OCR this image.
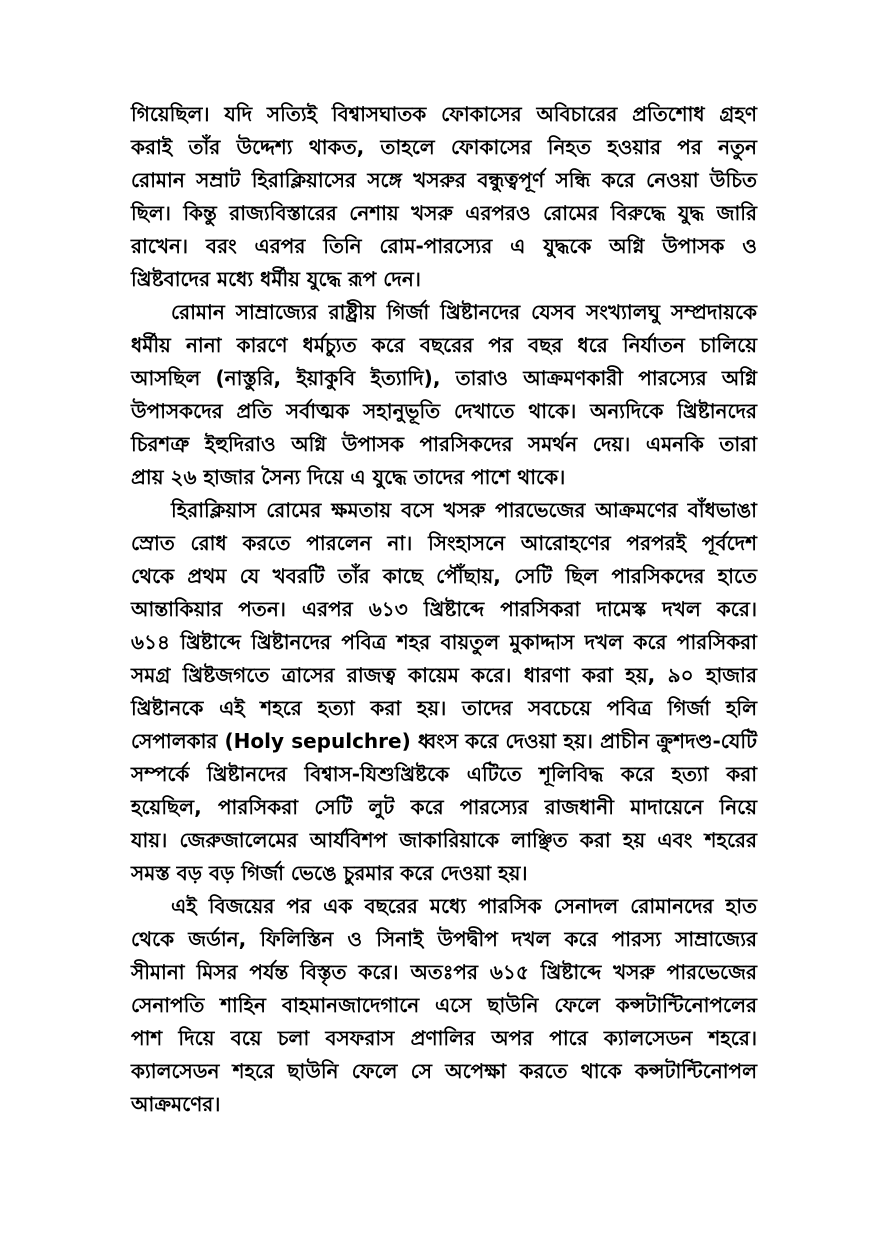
গিয়েছিল। যদি সত্যিই বিশ্বাসঘাতক ফোকাসের অবিচারের প্রতিশোধ গ্রহণ
করাই তাঁর উদ্দেশ্য থাকত, তাহলে ফোকাসের নিহত হওয়ার পর নতুন
রোমান সম্রাট হিরাক্লিয়াসের সঙ্গে খসরুর বন্ধুত্বপূর্ণ সন্ধি করে নেওয়া উচিত
ছিল। কিন্তু রাজ্যবিস্তারের নেশায় খসরু এরপরও রোমের বিরুদ্ধে যুদ্ধ জারি
রাখেন। বরং এরপর তিনি রোম-পারস্যের এ যুদ্ধকে অগ্নি উপাসক ও
খ্রিষ্টবাদের মধ্যে ধর্মীয় যুদ্ধে রূপ দেন।
রোমান সাম্রাজ্যের রাষ্ট্রীয় গির্জা খ্রিষ্টানদের যেসব সংখ্যালঘু সম্প্রদায়কে
ধর্মীয় নানা কারণে ধর্মচ্যুত করে বছরের পর বছর ধরে নির্যাতন চালিয়ে
আসছিল (নাস্তুরি, ইয়াকুবি ইত্যাদি), তারাও আক্রমণকারী পারস্যের অগ্নি
উপাসকদের প্রতি সর্বাত্মক সহানুভূতি দেখাতে থাকে। অন্যদিকে খ্রিষ্টানদের
চিরশত্রু ইহুদিরাও অগ্নি উপাসক পারসিকদের সমর্থন দেয়। এমনকি তারা
প্রায় ২৬ হাজার সৈন্য দিয়ে এ যুদ্ধে তাদের পাশে থাকে।
হিরাক্লিয়াস রোমের ক্ষমতায় বসে খসরু পারভেজের আক্রমণের বাঁধভাঙা
স্রোত রোধ করতে পারলেন না। সিংহাসনে আরোহণের পরপরই পূর্বদেশ
থেকে প্রথম যে খবরটি তাঁর কাছে পৌঁছায়, সেটি ছিল পারসিকদের হাতে
আন্তাকিয়ার পতন। এরপর ৬১৩ খ্রিষ্টাব্দে পারসিকরা দামেস্ক দখল করে।
৬১৪ খ্রিষ্টাব্দে খ্রিষ্টানদের পবিত্র শহর বায়তুল মুকাদ্দাস দখল করে পারসিকরা
সমগ্র খ্রিষ্টজগতে ত্রাসের রাজত্ব কায়েম করে। ধারণা করা হয়, ৯০ হাজার
খ্রিষ্টানকে এই শহরে হত্যা করা হয়। তাদের সবচেয়ে পবিত্র গির্জা হলি
সেপালকার (Holy sepulchre) ধ্বংস করে দেওয়া হয়। প্রাচীন ক্রুশদণ্ড-যেটি
সম্পর্কে খ্রিষ্টানদের বিশ্বাস-যিশুখ্রিষ্টকে এটিতে শূলিবিদ্ধ করে হত্যা করা
হয়েছিল, পারসিকরা সেটি লুট করে পারস্যের রাজধানী মাদায়েনে নিয়ে
যায়। জেরুজালেমের আর্যবিশপ জাকারিয়াকে লাঞ্ছিত করা হয় এবং শহরের
সমস্ত বড় বড় গির্জা ভেঙে চুরমার করে দেওয়া হয়।
এই বিজয়ের পর এক বছরের মধ্যে পারসিক সেনাদল রোমানদের হাত
থেকে জর্ডান, ফিলিস্তিন ও সিনাই উপদ্বীপ দখল করে পারস্য সাম্রাজ্যের
সীমানা মিসর পর্যন্ত বিস্তৃত করে। অতঃপর ৬১৫ খ্রিষ্টাব্দে খসরু পারভেজের
সেনাপতি শাহিন বাহমানজাদেগানে এসে ছাউনি ফেলে কন্সটান্টিনোপলের
পাশ দিয়ে বয়ে চলা বসফরাস প্রণালির অপর পারে ক্যালসেডন শহরে।
ক্যালসেডন শহরে ছাউনি ফেলে সে অপেক্ষা করতে থাকে কন্সটান্টিনোপল
আক্রমণের।
